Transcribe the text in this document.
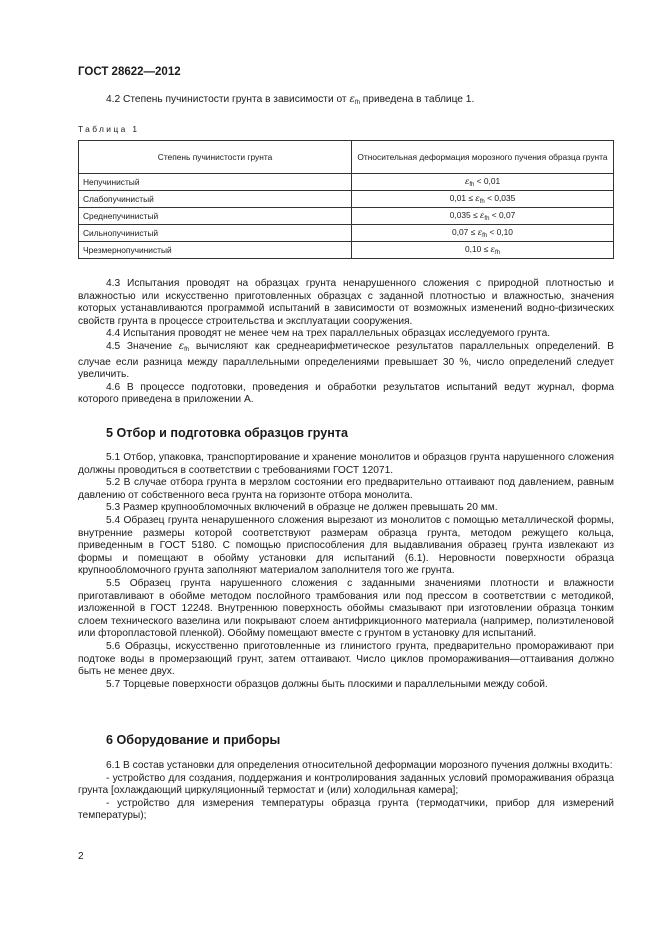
ГОСТ 28622—2012
4.2 Степень пучинистости грунта в зависимости от $\varepsilon_{fh}$ приведена в таблице 1.
Таблица 1
Степень пучинистости грунта	Относительная деформация морозного пучения образца грунта
Непучинистый	$\varepsilon_{fh} < 0,01$
Слабопучинистый	$0,01 \le \varepsilon_{fh} < 0,035$
Среднепучинистый	$0,035 \le \varepsilon_{fh} < 0,07$
Сильнопучинистый	$0,07 \le \varepsilon_{fh} < 0,10$
Чрезмернопучинистый	$0,10 \le \varepsilon_{fh}$
4.3 Испытания проводят на образцах грунта ненарушенного сложения с природной плотностью и влажностью или искусственно приготовленных образцах с заданной плотностью и влажностью, значения которых устанавливаются программой испытаний в зависимости от возможных изменений водно-физических свойств грунта в процессе строительства и эксплуатации сооружения.
4.4 Испытания проводят не менее чем на трех параллельных образцах исследуемого грунта.
4.5 Значение $\varepsilon_{fh}$ вычисляют как среднеарифметическое результатов параллельных определений. В случае если разница между параллельными определениями превышает 30 %, число определений следует увеличить.
4.6 В процессе подготовки, проведения и обработки результатов испытаний ведут журнал, форма которого приведена в приложении А.
5 Отбор и подготовка образцов грунта
5.1 Отбор, упаковка, транспортирование и хранение монолитов и образцов грунта нарушенного сложения должны проводиться в соответствии с требованиями ГОСТ 12071.
5.2 В случае отбора грунта в мерзлом состоянии его предварительно оттаивают под давлением, равным давлению от собственного веса грунта на горизонте отбора монолита.
5.3 Размер крупнообломочных включений в образце не должен превышать 20 мм.
5.4 Образец грунта ненарушенного сложения вырезают из монолитов с помощью металлической формы, внутренние размеры которой соответствуют размерам образца грунта, методом режущего кольца, приведенным в ГОСТ 5180. С помощью приспособления для выдавливания образец грунта извлекают из формы и помещают в обойму установки для испытаний (6.1). Неровности поверхности образца крупнообломочного грунта заполняют материалом заполнителя того же грунта.
5.5 Образец грунта нарушенного сложения с заданными значениями плотности и влажности приготавливают в обойме методом послойного трамбования или под прессом в соответствии с методикой, изложенной в ГОСТ 12248. Внутреннюю поверхность обоймы смазывают при изготовлении образца тонким слоем технического вазелина или покрывают слоем антифрикционного материала (например, полиэтиленовой или фторопластовой пленкой). Обойму помещают вместе с грунтом в установку для испытаний.
5.6 Образцы, искусственно приготовленные из глинистого грунта, предварительно промораживают при подтоке воды в промерзающий грунт, затем оттаивают. Число циклов промораживания—оттаивания должно быть не менее двух.
5.7 Торцевые поверхности образцов должны быть плоскими и параллельными между собой.
6 Оборудование и приборы
6.1 В состав установки для определения относительной деформации морозного пучения должны входить:
- устройство для создания, поддержания и контролирования заданных условий промораживания образца грунта [охлаждающий циркуляционный термостат и (или) холодильная камера];
- устройство для измерения температуры образца грунта (термодатчики, прибор для измерений температуры);
2
